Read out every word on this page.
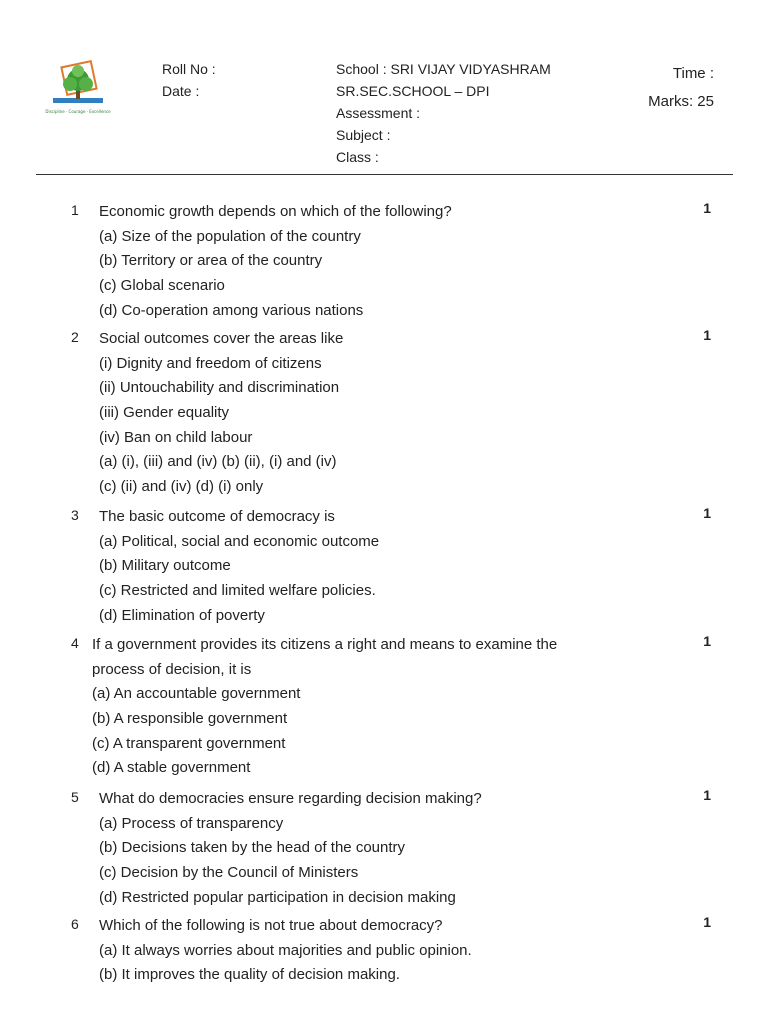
Discipline · Courage · Excellence
Roll No :
Date :
School : SRI VIJAY VIDYASHRAM
SR.SEC.SCHOOL – DPI
Assessment :
Subject :
Class :
Time :
Marks: 25
1 Economic growth depends on which of the following?
(a) Size of the population of the country
(b) Territory or area of the country
(c) Global scenario
(d) Co-operation among various nations
1
2 Social outcomes cover the areas like
(i) Dignity and freedom of citizens
(ii) Untouchability and discrimination
(iii) Gender equality
(iv) Ban on child labour
(a) (i), (iii) and (iv) (b) (ii), (i) and (iv)
(c) (ii) and (iv) (d) (i) only
1
3 The basic outcome of democracy is
(a) Political, social and economic outcome
(b) Military outcome
(c) Restricted and limited welfare policies.
(d) Elimination of poverty
1
4 If a government provides its citizens a right and means to examine the
process of decision, it is
(a) An accountable government
(b) A responsible government
(c) A transparent government
(d) A stable government
1
5 What do democracies ensure regarding decision making?
(a) Process of transparency
(b) Decisions taken by the head of the country
(c) Decision by the Council of Ministers
(d) Restricted popular participation in decision making
1
6 Which of the following is not true about democracy?
(a) It always worries about majorities and public opinion.
(b) It improves the quality of decision making.
1
